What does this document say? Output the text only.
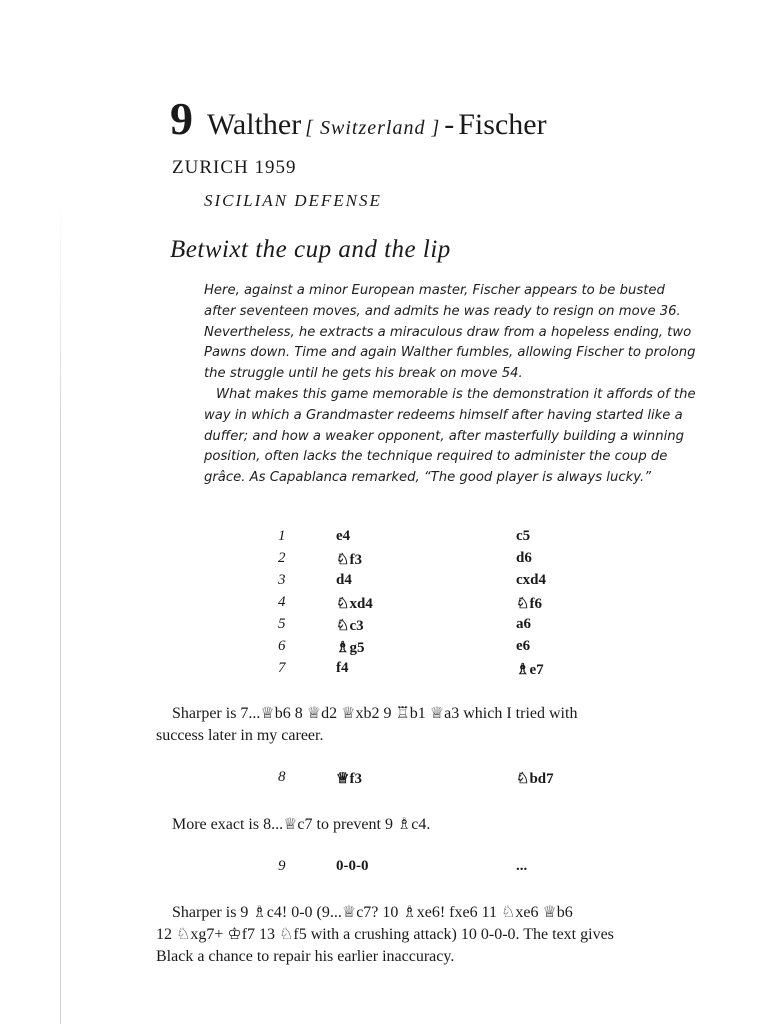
9 Walther [ Switzerland ] - Fischer
ZURICH 1959
SICILIAN DEFENSE
Betwixt the cup and the lip

Here, against a minor European master, Fischer appears to be busted after seventeen moves, and admits he was ready to resign on move 36. Nevertheless, he extracts a miraculous draw from a hopeless ending, two Pawns down. Time and again Walther fumbles, allowing Fischer to prolong the struggle until he gets his break on move 54.

What makes this game memorable is the demonstration it affords of the way in which a Grandmaster redeems himself after having started like a duffer; and how a weaker opponent, after masterfully building a winning position, often lacks the technique required to administer the coup de grâce. As Capablanca remarked, “The good player is always lucky.”

1	e4	c5
2	♘f3	d6
3	d4	cxd4
4	♘xd4	♘f6
5	♘c3	a6
6	♗g5	e6
7	f4	♗e7
Sharper is 7...♕b6 8 ♕d2 ♕xb2 9 ♖b1 ♕a3 which I tried with
success later in my career.
8	♕f3	♘bd7
More exact is 8...♕c7 to prevent 9 ♗c4.
9	0-0-0	...
Sharper is 9 ♗c4! 0-0 (9...♕c7? 10 ♗xe6! fxe6 11 ♘xe6 ♕b6
12 ♘xg7+ ♔f7 13 ♘f5 with a crushing attack) 10 0-0-0. The text gives
Black a chance to repair his earlier inaccuracy.
